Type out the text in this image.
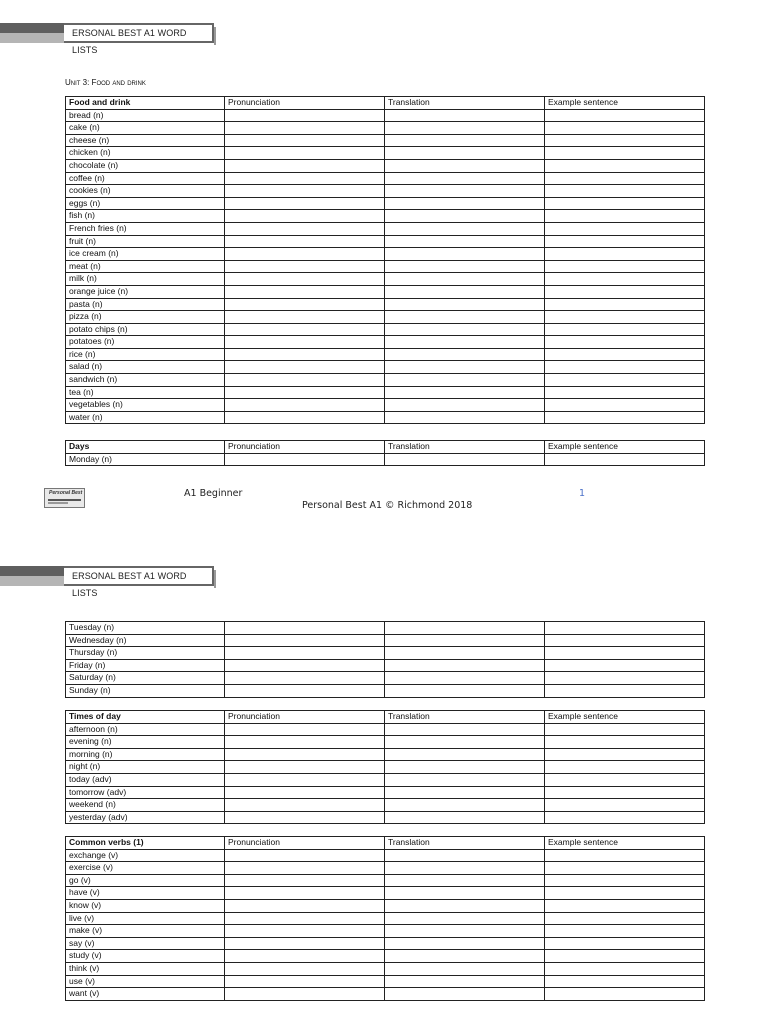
ERSONAL BEST A1 WORD LISTS
Unit 3: Food and drink
Food and drink	Pronunciation	Translation	Example sentence
bread (n)			
cake (n)			
cheese (n)			
chicken (n)			
chocolate (n)			
coffee (n)			
cookies (n)			
eggs (n)			
fish (n)			
French fries (n)			
fruit (n)			
ice cream (n)			
meat (n)			
milk (n)			
orange juice (n)			
pasta (n)			
pizza (n)			
potato chips (n)			
potatoes (n)			
rice (n)			
salad (n)			
sandwich (n)			
tea (n)			
vegetables (n)			
water (n)			
Days	Pronunciation	Translation	Example sentence
Monday (n)			
Personal Best	A1 Beginner	1
Personal Best A1 © Richmond 2018
ERSONAL BEST A1 WORD LISTS
Tuesday (n)			
Wednesday (n)			
Thursday (n)			
Friday (n)			
Saturday (n)			
Sunday (n)			
Times of day	Pronunciation	Translation	Example sentence
afternoon (n)			
evening (n)			
morning (n)			
night (n)			
today (adv)			
tomorrow (adv)			
weekend (n)			
yesterday (adv)			
Common verbs (1)	Pronunciation	Translation	Example sentence
exchange (v)			
exercise (v)			
go (v)			
have (v)			
know (v)			
live (v)			
make (v)			
say (v)			
study (v)			
think (v)			
use (v)			
want (v)			
